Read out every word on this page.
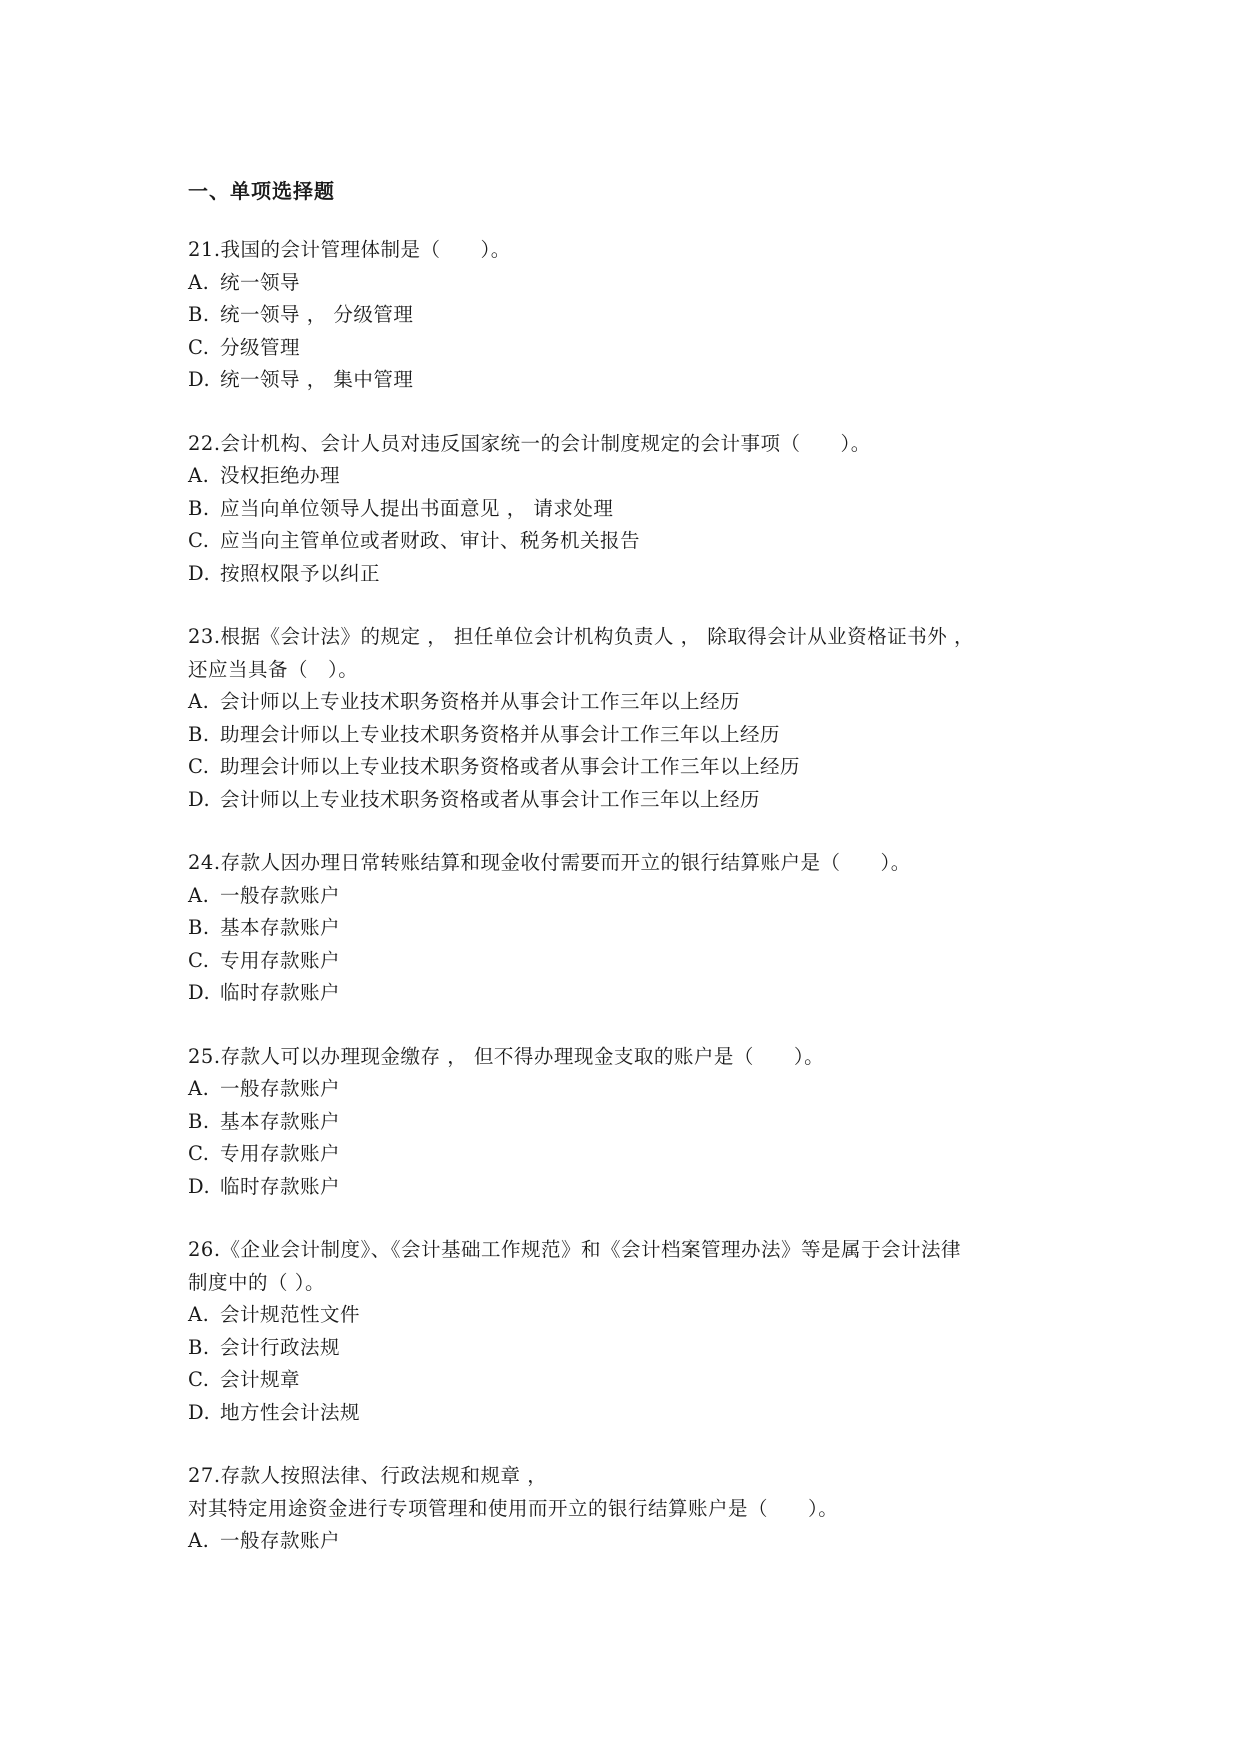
一、单项选择题
21.我国的会计管理体制是（　　）。
A. 统一领导
B. 统一领导 ， 分级管理
C. 分级管理
D. 统一领导 ， 集中管理
22.会计机构、会计人员对违反国家统一的会计制度规定的会计事项（　　）。
A. 没权拒绝办理
B. 应当向单位领导人提出书面意见 ， 请求处理
C. 应当向主管单位或者财政、审计、税务机关报告
D. 按照权限予以纠正
23.根据《会计法》的规定 ， 担任单位会计机构负责人 ， 除取得会计从业资格证书外 ，
还应当具备（　）。
A. 会计师以上专业技术职务资格并从事会计工作三年以上经历
B. 助理会计师以上专业技术职务资格并从事会计工作三年以上经历
C. 助理会计师以上专业技术职务资格或者从事会计工作三年以上经历
D. 会计师以上专业技术职务资格或者从事会计工作三年以上经历
24.存款人因办理日常转账结算和现金收付需要而开立的银行结算账户是（　　）。
A. 一般存款账户
B. 基本存款账户
C. 专用存款账户
D. 临时存款账户
25.存款人可以办理现金缴存 ， 但不得办理现金支取的账户是（　　）。
A. 一般存款账户
B. 基本存款账户
C. 专用存款账户
D. 临时存款账户
26.《企业会计制度》、《会计基础工作规范》和《会计档案管理办法》等是属于会计法律
制度中的（ ）。
A. 会计规范性文件
B. 会计行政法规
C. 会计规章
D. 地方性会计法规
27.存款人按照法律、行政法规和规章 ，
对其特定用途资金进行专项管理和使用而开立的银行结算账户是（　　）。
A. 一般存款账户
